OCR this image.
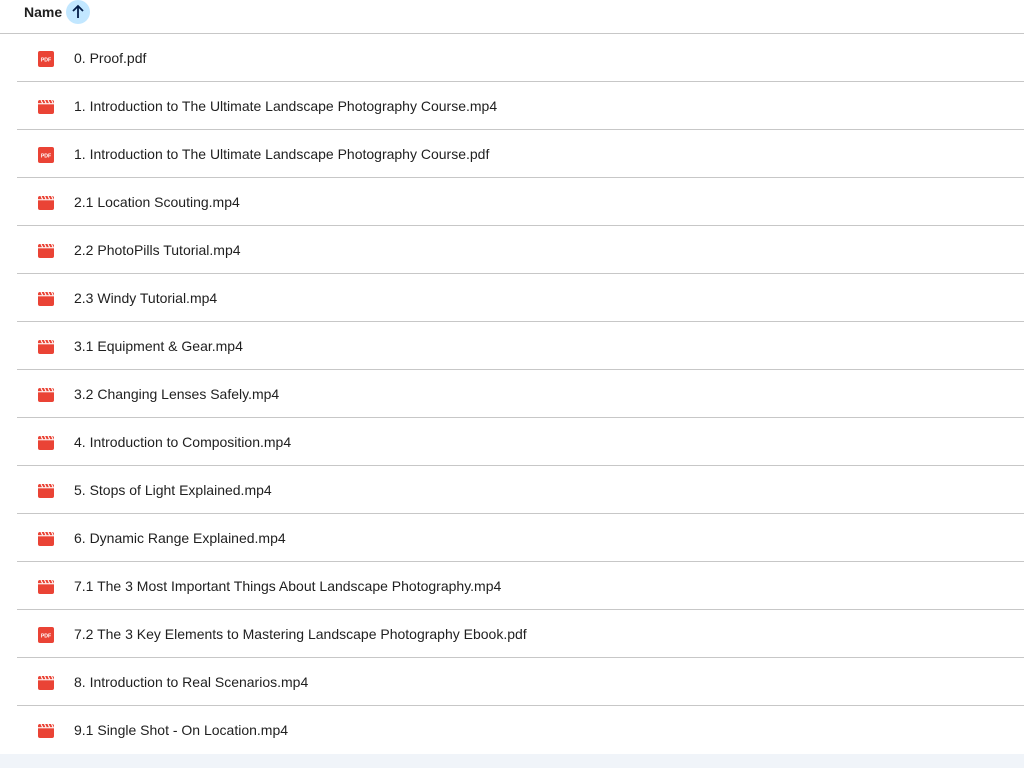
Name
PDF 0. Proof.pdf
1. Introduction to The Ultimate Landscape Photography Course.mp4
PDF 1. Introduction to The Ultimate Landscape Photography Course.pdf
2.1 Location Scouting.mp4
2.2 PhotoPills Tutorial.mp4
2.3 Windy Tutorial.mp4
3.1 Equipment & Gear.mp4
3.2 Changing Lenses Safely.mp4
4. Introduction to Composition.mp4
5. Stops of Light Explained.mp4
6. Dynamic Range Explained.mp4
7.1 The 3 Most Important Things About Landscape Photography.mp4
PDF 7.2 The 3 Key Elements to Mastering Landscape Photography Ebook.pdf
8. Introduction to Real Scenarios.mp4
9.1 Single Shot - On Location.mp4
